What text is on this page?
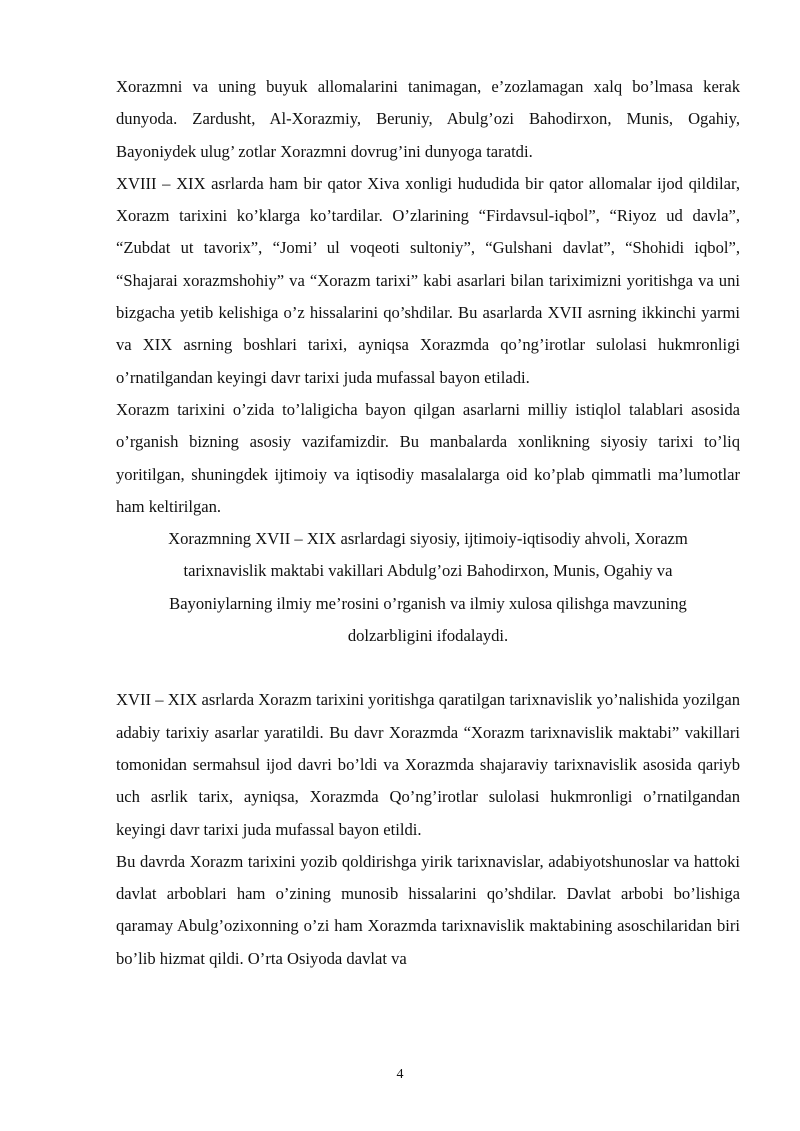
Xorazmni va uning buyuk allomalarini tanimagan, e’zozlamagan xalq bo’lmasa kerak dunyoda. Zardusht, Al-Xorazmiy, Beruniy, Abulg’ozi Bahodirxon, Munis, Ogahiy, Bayoniydek ulug’ zotlar Xorazmni dovrug’ini dunyoga taratdi.

XVIII – XIX asrlarda ham bir qator Xiva xonligi hududida bir qator allomalar ijod qildilar, Xorazm tarixini ko’klarga ko’tardilar. O’zlarining “Firdavsul-iqbol”, “Riyoz ud davla”, “Zubdat ut tavorix”, “Jomi’ ul voqeoti sultoniy”, “Gulshani davlat”, “Shohidi iqbol”, “Shajarai xorazmshohiy” va “Xorazm tarixi” kabi asarlari bilan tariximizni yoritishga va uni bizgacha yetib kelishiga o’z hissalarini qo’shdilar. Bu asarlarda XVII asrning ikkinchi yarmi va XIX asrning boshlari tarixi, ayniqsa Xorazmda qo’ng’irotlar sulolasi hukmronligi o’rnatilgandan keyingi davr tarixi juda mufassal bayon etiladi.

Xorazm tarixini o’zida to’laligicha bayon qilgan asarlarni milliy istiqlol talablari asosida o’rganish bizning asosiy vazifamizdir. Bu manbalarda xonlikning siyosiy tarixi to’liq yoritilgan, shuningdek ijtimoiy va iqtisodiy masalalarga oid ko’plab qimmatli ma’lumotlar ham keltirilgan.

Xorazmning XVII – XIX asrlardagi siyosiy, ijtimoiy-iqtisodiy ahvoli, Xorazm

tarixnavislik maktabi vakillari Abdulg’ozi Bahodirxon, Munis, Ogahiy va

Bayoniylarning ilmiy me’rosini o’rganish va ilmiy xulosa qilishga mavzuning

dolzarbligini ifodalaydi.

XVII – XIX asrlarda Xorazm tarixini yoritishga qaratilgan tarixnavislik yo’nalishida yozilgan adabiy tarixiy asarlar yaratildi. Bu davr Xorazmda “Xorazm tarixnavislik maktabi” vakillari tomonidan sermahsul ijod davri bo’ldi va Xorazmda shajaraviy tarixnavislik asosida qariyb uch asrlik tarix, ayniqsa, Xorazmda Qo’ng’irotlar sulolasi hukmronligi o’rnatilgandan keyingi davr tarixi juda mufassal bayon etildi.

Bu davrda Xorazm tarixini yozib qoldirishga yirik tarixnavislar, adabiyotshunoslar va hattoki davlat arboblari ham o’zining munosib hissalarini qo’shdilar. Davlat arbobi bo’lishiga qaramay Abulg’ozixonning o’zi ham Xorazmda tarixnavislik maktabining asoschilaridan biri bo’lib hizmat qildi. O’rta Osiyoda davlat va

4
